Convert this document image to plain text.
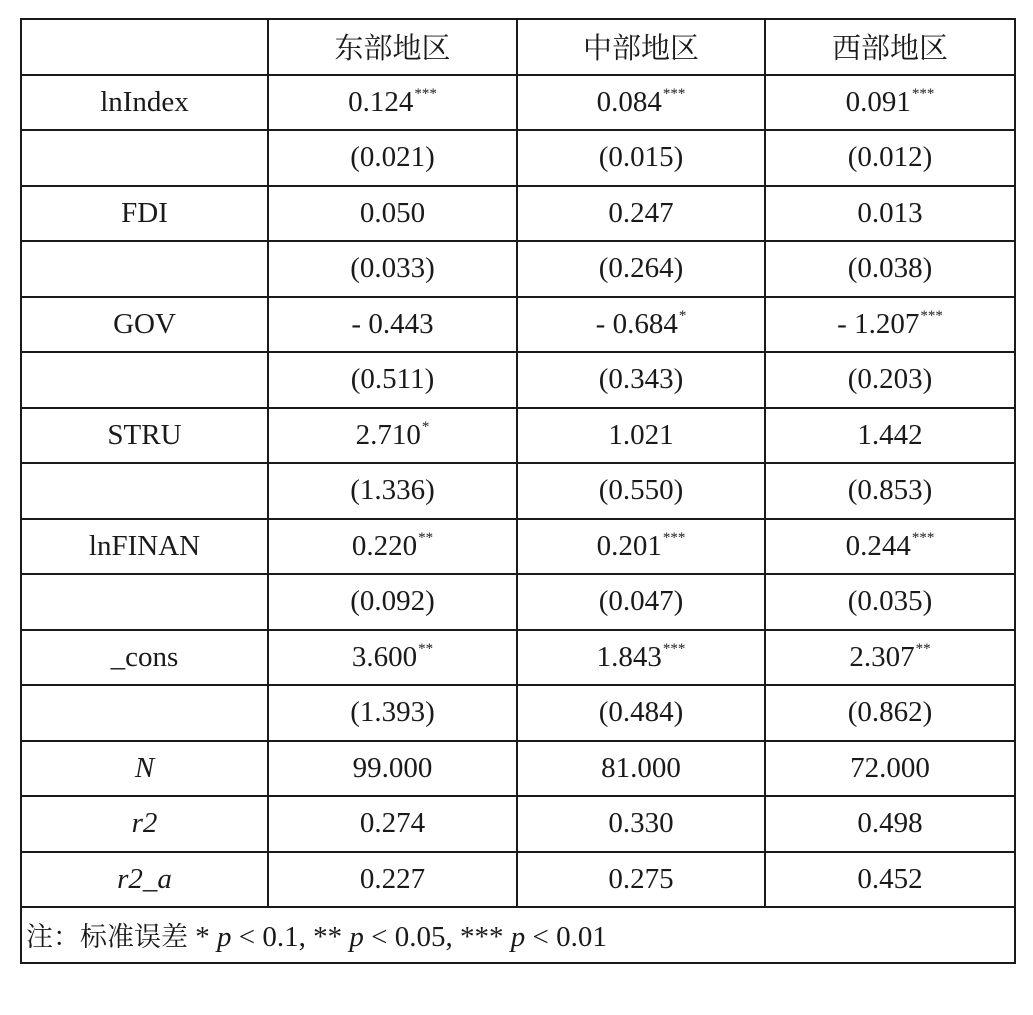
	东部地区	中部地区	西部地区
lnIndex	0.124***	0.084***	0.091***
	(0.021)	(0.015)	(0.012)
FDI	0.050	0.247	0.013
	(0.033)	(0.264)	(0.038)
GOV	- 0.443	- 0.684*	- 1.207***
	(0.511)	(0.343)	(0.203)
STRU	2.710*	1.021	1.442
	(1.336)	(0.550)	(0.853)
lnFINAN	0.220**	0.201***	0.244***
	(0.092)	(0.047)	(0.035)
_cons	3.600**	1.843***	2.307**
	(1.393)	(0.484)	(0.862)
N	99.000	81.000	72.000
r2	0.274	0.330	0.498
r2_a	0.227	0.275	0.452
注：标准误差 * p < 0.1, ** p < 0.05, *** p < 0.01			
